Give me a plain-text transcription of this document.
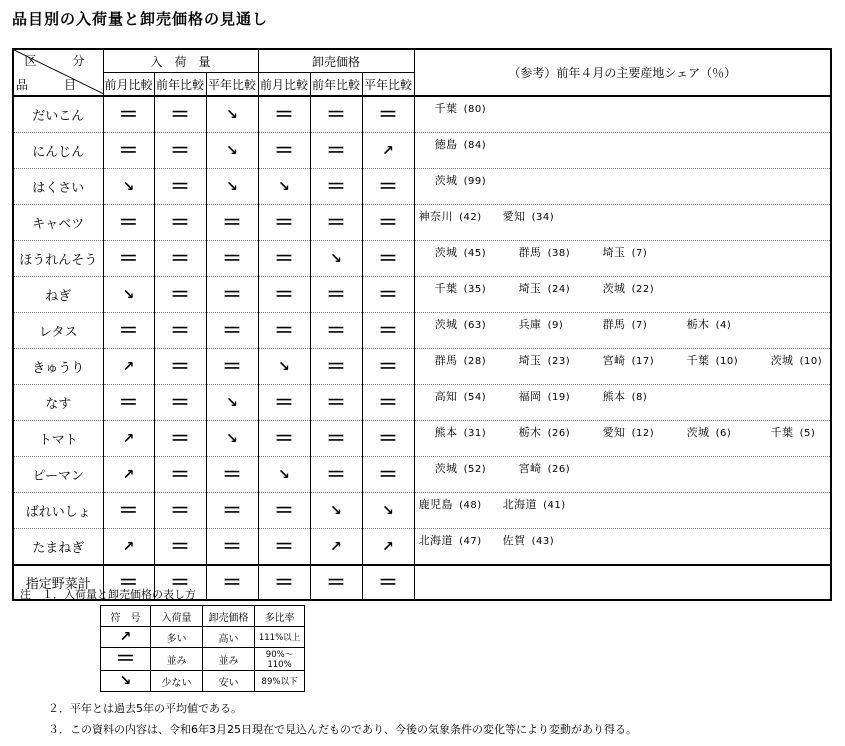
品目別の入荷量と卸売価格の見通し
区　分
品　目	入　荷　量			卸売価格			（参考）前年４月の主要産地シェア（％）
	前月比較	前年比較	平年比較	前月比較	前年比較	平年比較	
だいこん	＝	＝	↘	＝	＝	＝	千葉 (80)

にんじん	＝	＝	↘	＝	＝	↗	徳島 (84)

はくさい	↘	＝	↘	↘	＝	＝	茨城 (99)

キャベツ	＝	＝	＝	＝	＝	＝	神奈川 (42) 愛知 (34)

ほうれんそう	＝	＝	＝	＝	↘	＝	茨城 (45) 群馬 (38) 埼玉 (7)

ねぎ	↘	＝	＝	＝	＝	＝	千葉 (35) 埼玉 (24) 茨城 (22)

レタス	＝	＝	＝	＝	＝	＝	茨城 (63) 兵庫 (9) 群馬 (7) 栃木 (4)

きゅうり	↗	＝	＝	↘	＝	＝	群馬 (28) 埼玉 (23) 宮崎 (17) 千葉 (10) 茨城 (10)

なす	＝	＝	↘	＝	＝	＝	高知 (54) 福岡 (19) 熊本 (8)

トマト	↗	＝	↘	＝	＝	＝	熊本 (31) 栃木 (26) 愛知 (12) 茨城 (6) 千葉 (5)

ピーマン	↗	＝	＝	↘	＝	＝	茨城 (52) 宮崎 (26)

ばれいしょ	＝	＝	＝	＝	↘	↘	鹿児島 (48) 北海道 (41)

たまねぎ	↗	＝	＝	＝	↗	↗	北海道 (47) 佐賀 (43)

指定野菜計	＝	＝	＝	＝	＝	＝	
注　１．入荷量と卸売価格の表し方
符　号	入荷量	卸売価格	多比率
↗	多い	高い	111%以上
＝	並み	並み	90%～110%
↘	少ない	安い	89%以下
２．平年とは過去5年の平均値である。
３．この資料の内容は、令和6年3月25日現在で見込んだものであり、今後の気象条件の変化等により変動があり得る。
